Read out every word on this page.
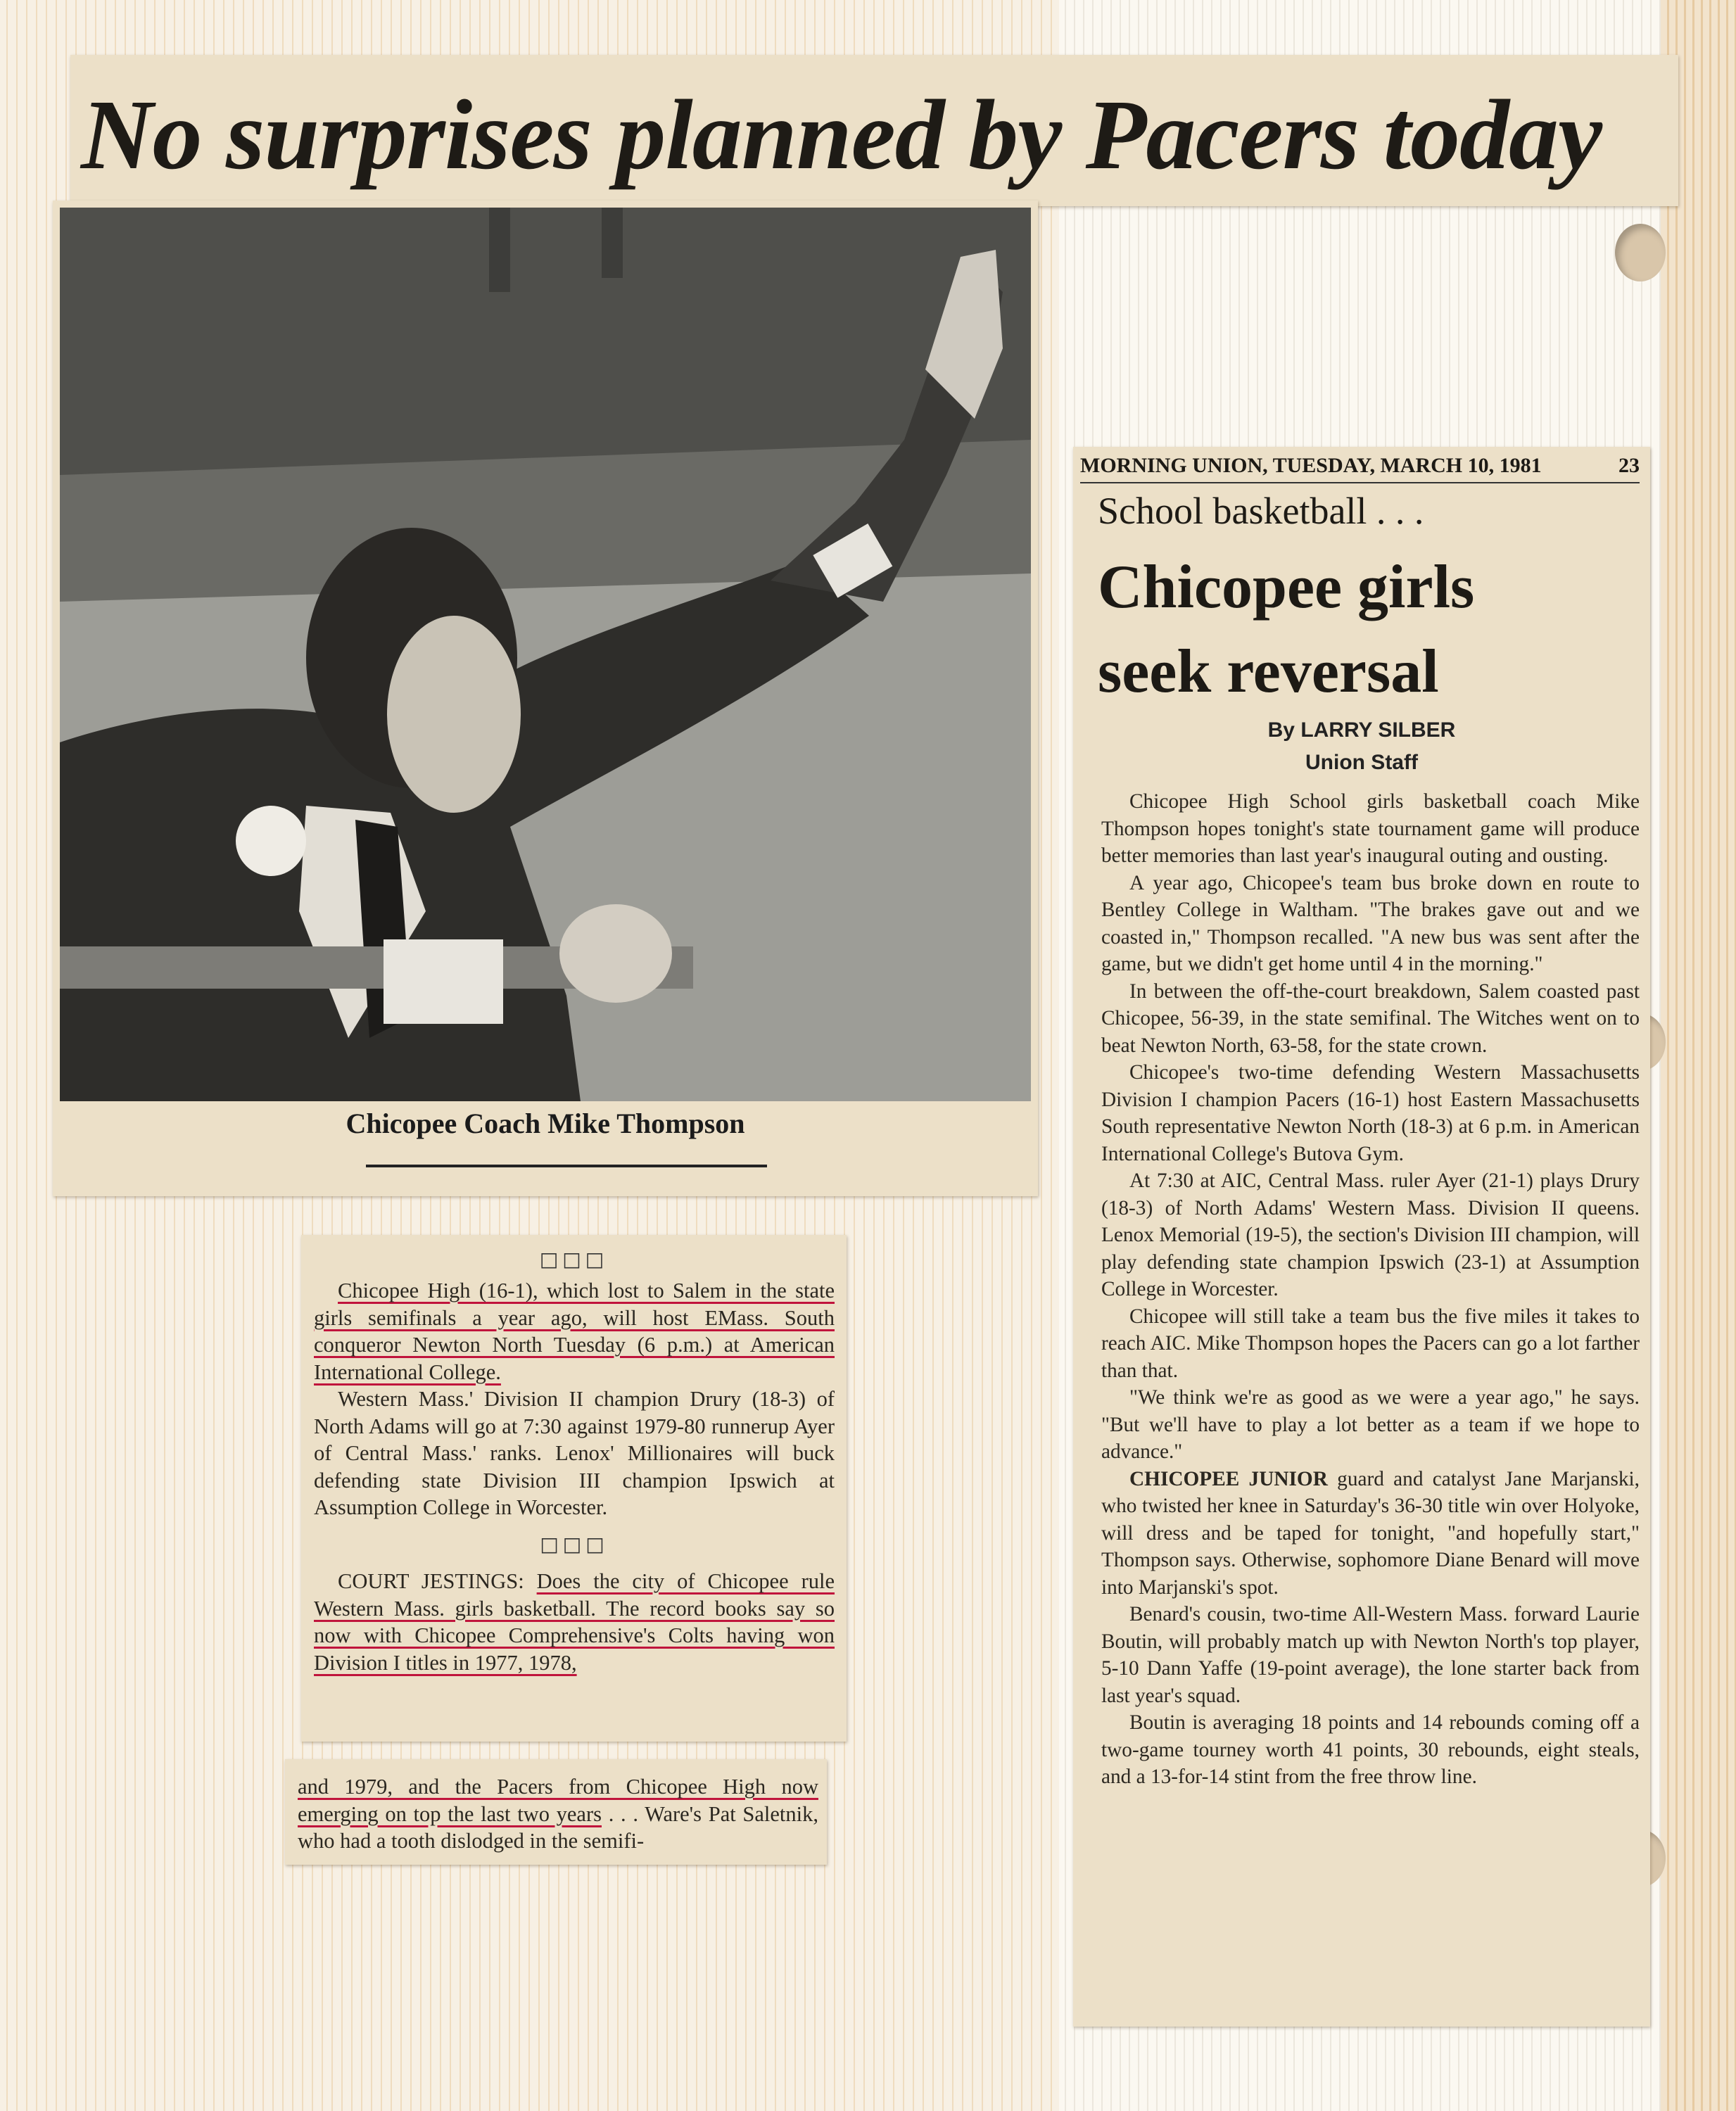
No surprises planned by Pacers today
Chicopee Coach Mike Thompson
MORNING UNION, TUESDAY, MARCH 10, 1981	23
School basketball . . .
Chicopee girls
seek reversal
By LARRY SILBER
Union Staff

Chicopee High School girls basketball coach Mike Thompson hopes tonight's state tournament game will produce better memories than last year's inaugural outing and ousting.

A year ago, Chicopee's team bus broke down en route to Bentley College in Waltham. "The brakes gave out and we coasted in," Thompson recalled. "A new bus was sent after the game, but we didn't get home until 4 in the morning."

In between the off-the-court breakdown, Salem coasted past Chicopee, 56-39, in the state semifinal. The Witches went on to beat Newton North, 63-58, for the state crown.

Chicopee's two-time defending Western Massachusetts Division I champion Pacers (16-1) host Eastern Massachusetts South representative Newton North (18-3) at 6 p.m. in American International College's Butova Gym.

At 7:30 at AIC, Central Mass. ruler Ayer (21-1) plays Drury (18-3) of North Adams' Western Mass. Division II queens. Lenox Memorial (19-5), the section's Division III champion, will play defending state champion Ipswich (23-1) at Assumption College in Worcester.

Chicopee will still take a team bus the five miles it takes to reach AIC. Mike Thompson hopes the Pacers can go a lot farther than that.

"We think we're as good as we were a year ago," he says. "But we'll have to play a lot better as a team if we hope to advance."

CHICOPEE JUNIOR guard and catalyst Jane Marjanski, who twisted her knee in Saturday's 36-30 title win over Holyoke, will dress and be taped for tonight, "and hopefully start," Thompson says. Otherwise, sophomore Diane Benard will move into Marjanski's spot.

Benard's cousin, two-time All-Western Mass. forward Laurie Boutin, will probably match up with Newton North's top player, 5-10 Dann Yaffe (19-point average), the lone starter back from last year's squad.

Boutin is averaging 18 points and 14 rebounds coming off a two-game tourney worth 41 points, 30 rebounds, eight steals, and a 13-for-14 stint from the free throw line.

□□□

Chicopee High (16-1), which lost to Salem in the state girls semifinals a year ago, will host EMass. South conqueror Newton North Tuesday (6 p.m.) at American International College.

Western Mass.' Division II champion Drury (18-3) of North Adams will go at 7:30 against 1979-80 runnerup Ayer of Central Mass.' ranks. Lenox' Millionaires will buck defending state Division III champion Ipswich at Assumption College in Worcester.

□□□

COURT JESTINGS: Does the city of Chicopee rule Western Mass. girls basketball. The record books say so now with Chicopee Comprehensive's Colts having won Division I titles in 1977, 1978,

and 1979, and the Pacers from Chicopee High now emerging on top the last two years . . . Ware's Pat Saletnik, who had a tooth dislodged in the semifi-
